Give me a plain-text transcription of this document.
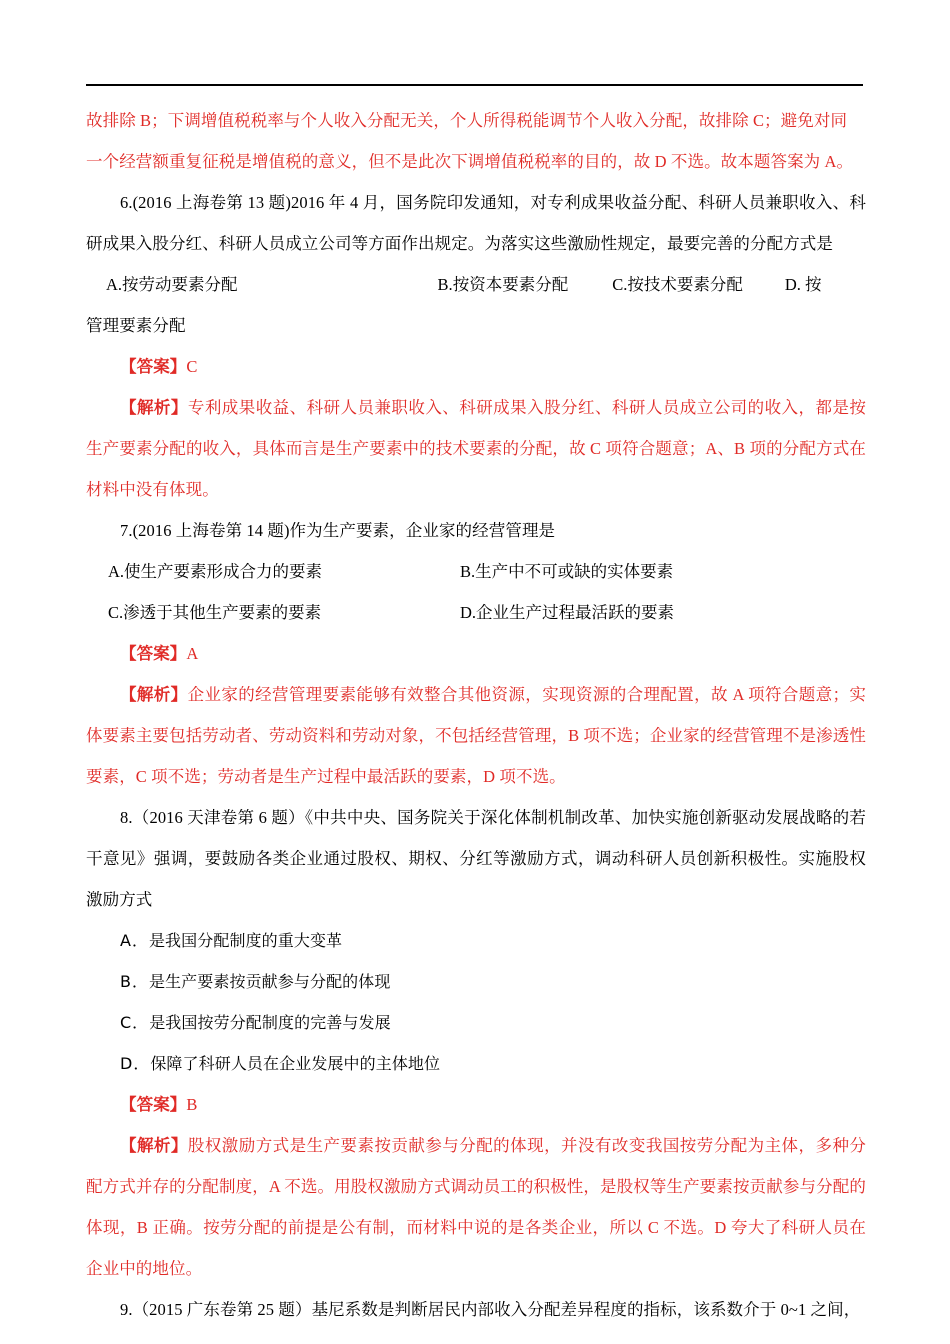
故排除 B；下调增值税税率与个人收入分配无关，个人所得税能调节个人收入分配，故排除 C；避免对同

一个经营额重复征税是增值税的意义，但不是此次下调增值税税率的目的，故 D 不选。故本题答案为 A。

6.(2016 上海卷第 13 题)2016 年 4 月，国务院印发通知，对专利成果收益分配、科研人员兼职收入、科研成果入股分红、科研人员成立公司等方面作出规定。为落实这些激励性规定，最要完善的分配方式是

A.按劳动要素分配	B.按资本要素分配	C.按技术要素分配	D. 按

管理要素分配

【答案】C

【解析】专利成果收益、科研人员兼职收入、科研成果入股分红、科研人员成立公司的收入，都是按生产要素分配的收入，具体而言是生产要素中的技术要素的分配，故 C 项符合题意；A、B 项的分配方式在材料中没有体现。

7.(2016 上海卷第 14 题)作为生产要素，企业家的经营管理是

A.使生产要素形成合力的要素	B.生产中不可或缺的实体要素
C.渗透于其他生产要素的要素	D.企业生产过程最活跃的要素

【答案】A

【解析】企业家的经营管理要素能够有效整合其他资源，实现资源的合理配置，故 A 项符合题意；实体要素主要包括劳动者、劳动资料和劳动对象，不包括经营管理，B 项不选；企业家的经营管理不是渗透性要素，C 项不选；劳动者是生产过程中最活跃的要素，D 项不选。

8.（2016 天津卷第 6 题）《中共中央、国务院关于深化体制机制改革、加快实施创新驱动发展战略的若干意见》强调，要鼓励各类企业通过股权、期权、分红等激励方式，调动科研人员创新积极性。实施股权激励方式

A．是我国分配制度的重大变革

B．是生产要素按贡献参与分配的体现

C．是我国按劳分配制度的完善与发展

D．保障了科研人员在企业发展中的主体地位

【答案】B

【解析】股权激励方式是生产要素按贡献参与分配的体现，并没有改变我国按劳分配为主体，多种分配方式并存的分配制度，A 不选。用股权激励方式调动员工的积极性，是股权等生产要素按贡献参与分配的体现，B 正确。按劳分配的前提是公有制，而材料中说的是各类企业，所以 C 不选。D 夸大了科研人员在企业中的地位。

9.（2015 广东卷第 25 题）基尼系数是判断居民内部收入分配差异程度的指标，该系数介于 0~1 之间，
